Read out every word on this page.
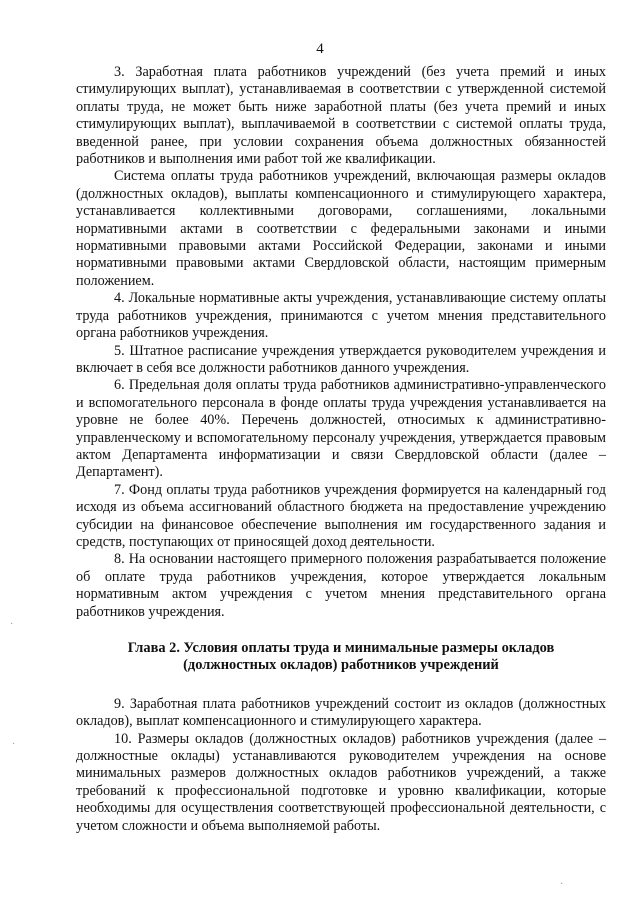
4

3. Заработная плата работников учреждений (без учета премий и иных стимулирующих выплат), устанавливаемая в соответствии с утвержденной системой оплаты труда, не может быть ниже заработной платы (без учета премий и иных стимулирующих выплат), выплачиваемой в соответствии с системой оплаты труда, введенной ранее, при условии сохранения объема должностных обязанностей работников и выполнения ими работ той же квалификации.

Система оплаты труда работников учреждений, включающая размеры окладов (должностных окладов), выплаты компенсационного и стимулирующего характера, устанавливается коллективными договорами, соглашениями, локальными нормативными актами в соответствии с федеральными законами и иными нормативными правовыми актами Российской Федерации, законами и иными нормативными правовыми актами Свердловской области, настоящим примерным положением.

4. Локальные нормативные акты учреждения, устанавливающие систему оплаты труда работников учреждения, принимаются с учетом мнения представительного органа работников учреждения.

5. Штатное расписание учреждения утверждается руководителем учреждения и включает в себя все должности работников данного учреждения.

6. Предельная доля оплаты труда работников административно-управленческого и вспомогательного персонала в фонде оплаты труда учреждения устанавливается на уровне не более 40%. Перечень должностей, относимых к административно-управленческому и вспомогательному персоналу учреждения, утверждается правовым актом Департамента информатизации и связи Свердловской области (далее – Департамент).

7. Фонд оплаты труда работников учреждения формируется на календарный год исходя из объема ассигнований областного бюджета на предоставление учреждению субсидии на финансовое обеспечение выполнения им государственного задания и средств, поступающих от приносящей доход деятельности.

8. На основании настоящего примерного положения разрабатывается положение об оплате труда работников учреждения, которое утверждается локальным нормативным актом учреждения с учетом мнения представительного органа работников учреждения.

Глава 2. Условия оплаты труда и минимальные размеры окладов
(должностных окладов) работников учреждений

9. Заработная плата работников учреждений состоит из окладов (должностных окладов), выплат компенсационного и стимулирующего характера.

10. Размеры окладов (должностных окладов) работников учреждения (далее – должностные оклады) устанавливаются руководителем учреждения на основе минимальных размеров должностных окладов работников учреждений, а также требований к профессиональной подготовке и уровню квалификации, которые необходимы для осуществления соответствующей профессиональной деятельности, с учетом сложности и объема выполняемой работы.

·
·
·
